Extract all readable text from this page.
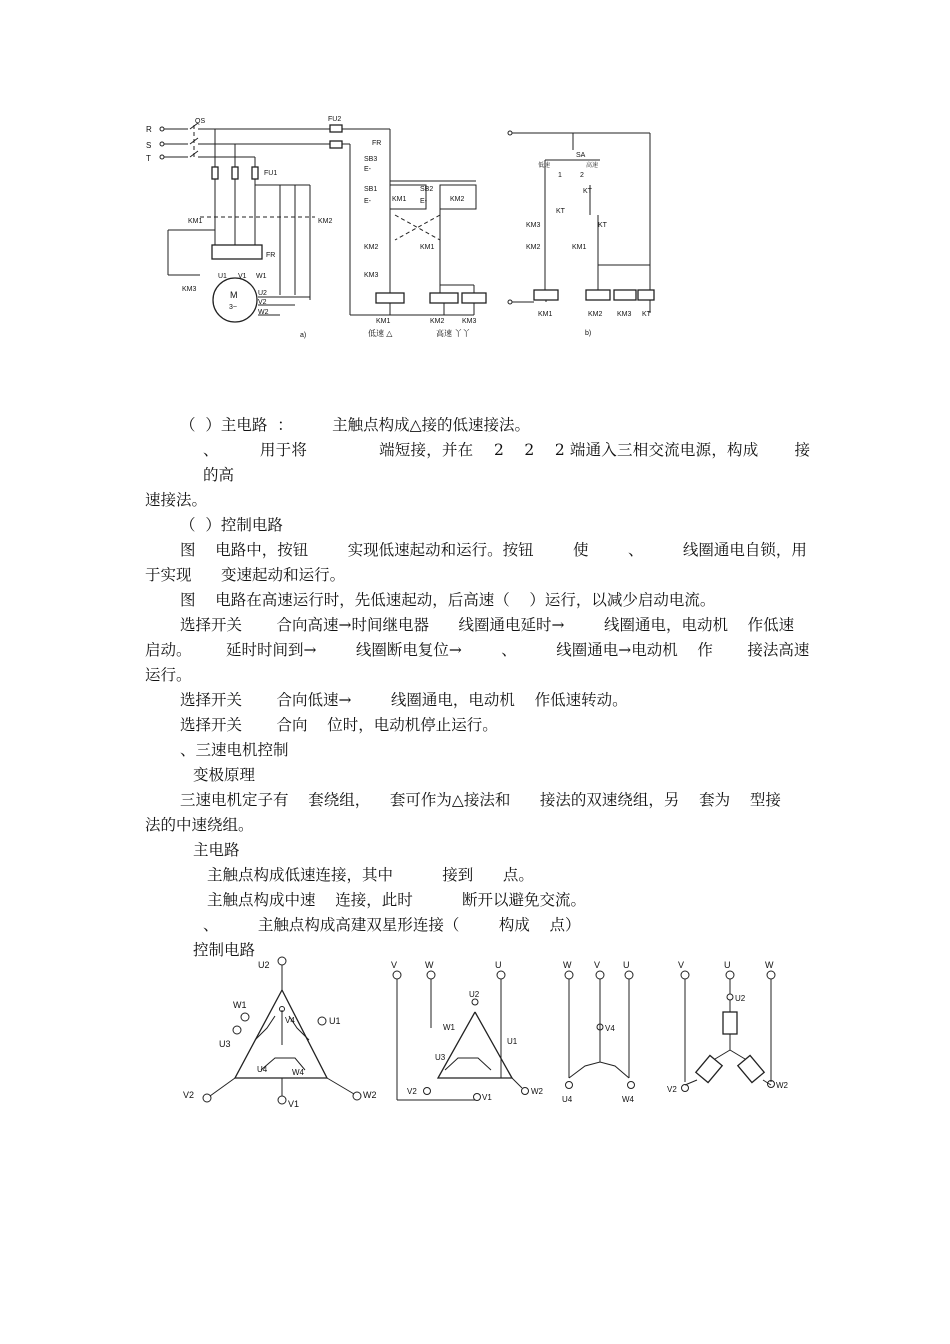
R
S
T
QS
FU1
KM1	KM2
FR
KM3
M
3~
U1 V1 W1
U2
V2
W2
a)
FU2
FR
SB3
E-
SB1
E-	KM1
SB2
E-	KM2
KM2	KM1
KM3
KM1	KM2	KM3
低速 △	高速 丫丫
SA
低速	高速
1	2
KT
KM3
KT
KT
KM2	KM1
KM1	KM2 KM3 KT
b)

（  ）主电路  ：        主触点构成△接的低速接法。

、        用于将              端短接，并在    2    2    2 端通入三相交流电源，构成       接的高

速接法。

（  ）控制电路

图    电路中，按钮        实现低速起动和运行。按钮        使        、        线圈通电自锁，用

于实现      变速起动和运行。

图    电路在高速运行时，先低速起动，后高速（    ）运行，以减少启动电流。

选择开关       合向高速→时间继电器      线圈通电延时→        线圈通电，电动机    作低速

启动。       延时时间到→        线圈断电复位→        、        线圈通电→电动机    作       接法高速

运行。

选择开关       合向低速→        线圈通电，电动机    作低速转动。

选择开关       合向    位时，电动机停止运行。

、三速电机控制

变极原理

三速电机定子有    套绕组，    套可作为△接法和      接法的双速绕组，另    套为    型接

法的中速绕组。

主电路

主触点构成低速连接，其中          接到      点。

主触点构成中速    连接，此时          断开以避免交流。

、        主触点构成高建双星形连接（        构成    点）

控制电路

U2
V4
W1
U1
U3
U4	W4
V2	W2
V1
V	W	U
U2
W1
U1
U3
V2
V1
W2
W	V	U
V4
U4	W4
V	U	W
U2
V2	W2
